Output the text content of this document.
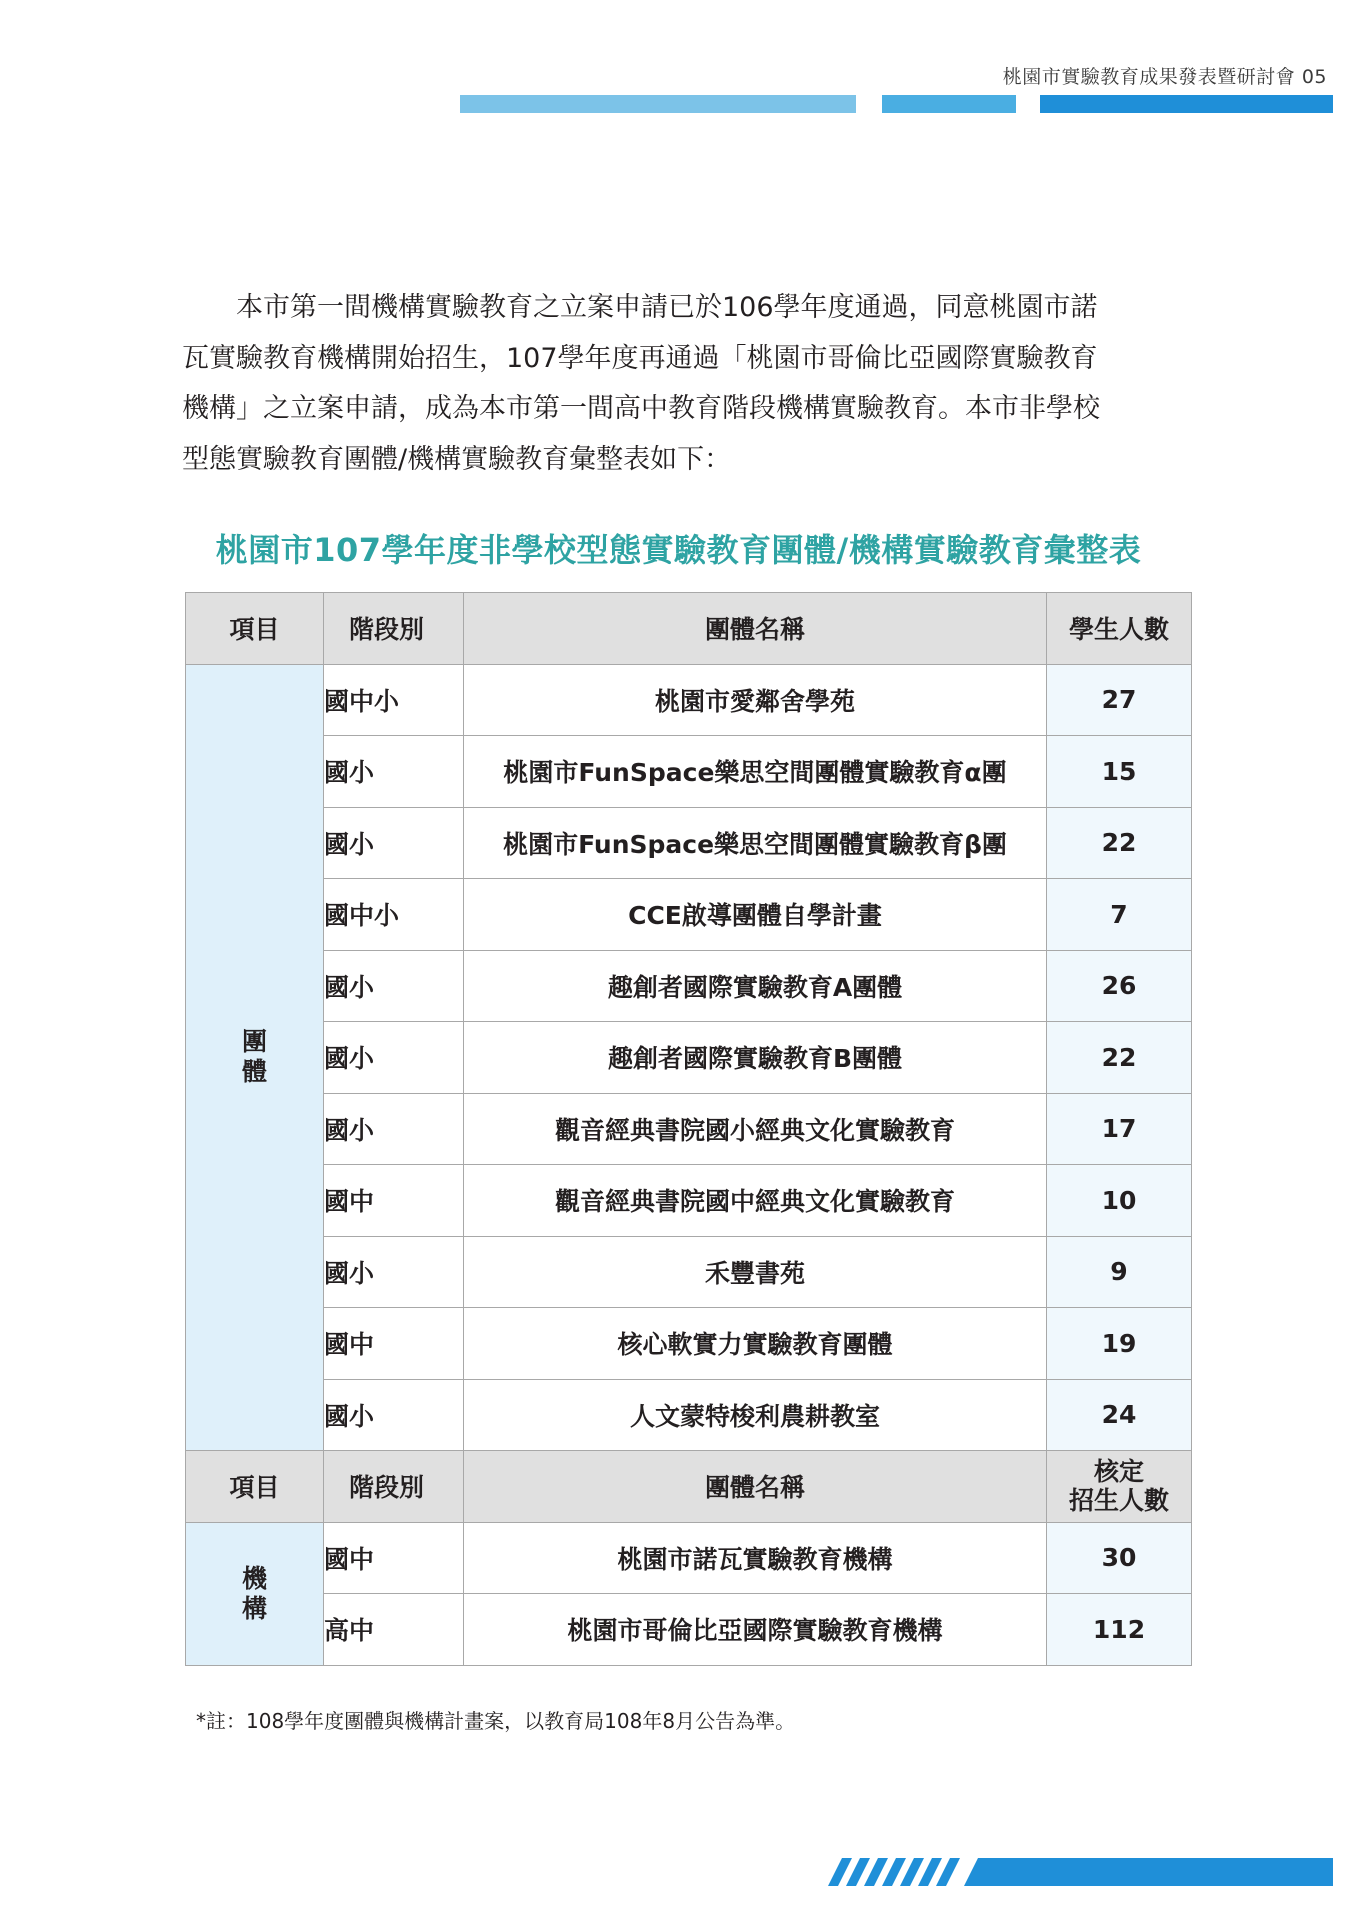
桃園市實驗教育成果發表暨研討會 05

　　本市第一間機構實驗教育之立案申請已於106學年度通過，同意桃園市諾
瓦實驗教育機構開始招生，107學年度再通過「桃園市哥倫比亞國際實驗教育
機構」之立案申請，成為本市第一間高中教育階段機構實驗教育。本市非學校
型態實驗教育團體/機構實驗教育彙整表如下：

桃園市107學年度非學校型態實驗教育團體/機構實驗教育彙整表
項目	階段別	團體名稱	學生人數

團體	國中小	桃園市愛鄰舍學苑	27
	國小	桃園市FunSpace樂思空間團體實驗教育α團	15
	國小	桃園市FunSpace樂思空間團體實驗教育β團	22
	國中小	CCE啟導團體自學計畫	7
	國小	趣創者國際實驗教育A團體	26
	國小	趣創者國際實驗教育B團體	22
	國小	觀音經典書院國小經典文化實驗教育	17
	國中	觀音經典書院國中經典文化實驗教育	10
	國小	禾豐書苑	9
	國中	核心軟實力實驗教育團體	19
	國小	人文蒙特梭利農耕教室	24
項目	階段別	團體名稱	核定
招生人數

機構	國中	桃園市諾瓦實驗教育機構	30
	高中	桃園市哥倫比亞國際實驗教育機構	112
*註：108學年度團體與機構計畫案，以教育局108年8月公告為準。
